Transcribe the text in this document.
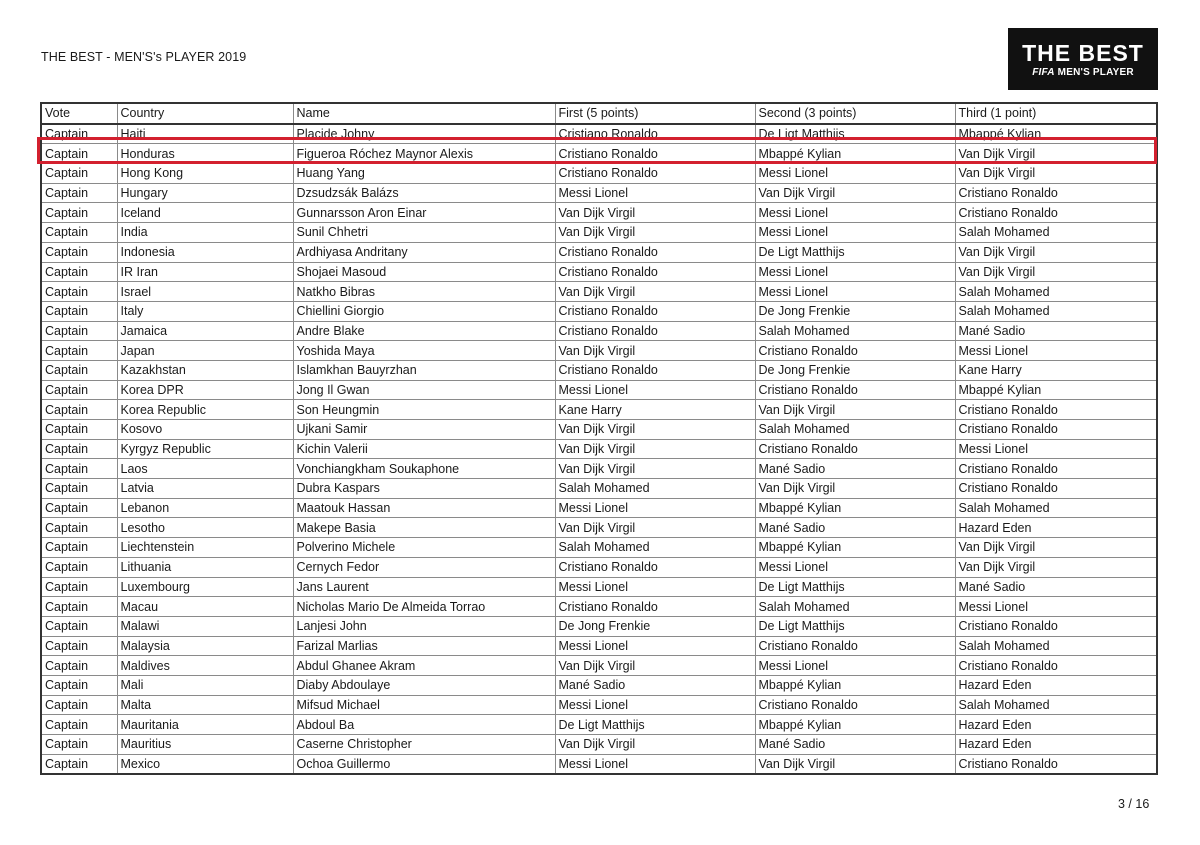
THE BEST - MEN'S's PLAYER 2019	THE BEST
FIFA MEN'S PLAYER
Vote	Country	Name	First (5 points)	Second (3 points)	Third (1 point)
Captain	Haiti	Placide Johny	Cristiano Ronaldo	De Ligt Matthijs	Mbappé Kylian
Captain	Honduras	Figueroa Róchez Maynor Alexis	Cristiano Ronaldo	Mbappé Kylian	Van Dijk Virgil
Captain	Hong Kong	Huang Yang	Cristiano Ronaldo	Messi Lionel	Van Dijk Virgil
Captain	Hungary	Dzsudzsák Balázs	Messi Lionel	Van Dijk Virgil	Cristiano Ronaldo
Captain	Iceland	Gunnarsson Aron Einar	Van Dijk Virgil	Messi Lionel	Cristiano Ronaldo
Captain	India	Sunil Chhetri	Van Dijk Virgil	Messi Lionel	Salah Mohamed
Captain	Indonesia	Ardhiyasa Andritany	Cristiano Ronaldo	De Ligt Matthijs	Van Dijk Virgil
Captain	IR Iran	Shojaei Masoud	Cristiano Ronaldo	Messi Lionel	Van Dijk Virgil
Captain	Israel	Natkho Bibras	Van Dijk Virgil	Messi Lionel	Salah Mohamed
Captain	Italy	Chiellini Giorgio	Cristiano Ronaldo	De Jong Frenkie	Salah Mohamed
Captain	Jamaica	Andre Blake	Cristiano Ronaldo	Salah Mohamed	Mané Sadio
Captain	Japan	Yoshida Maya	Van Dijk Virgil	Cristiano Ronaldo	Messi Lionel
Captain	Kazakhstan	Islamkhan Bauyrzhan	Cristiano Ronaldo	De Jong Frenkie	Kane Harry
Captain	Korea DPR	Jong Il Gwan	Messi Lionel	Cristiano Ronaldo	Mbappé Kylian
Captain	Korea Republic	Son Heungmin	Kane Harry	Van Dijk Virgil	Cristiano Ronaldo
Captain	Kosovo	Ujkani Samir	Van Dijk Virgil	Salah Mohamed	Cristiano Ronaldo
Captain	Kyrgyz Republic	Kichin Valerii	Van Dijk Virgil	Cristiano Ronaldo	Messi Lionel
Captain	Laos	Vonchiangkham Soukaphone	Van Dijk Virgil	Mané Sadio	Cristiano Ronaldo
Captain	Latvia	Dubra Kaspars	Salah Mohamed	Van Dijk Virgil	Cristiano Ronaldo
Captain	Lebanon	Maatouk Hassan	Messi Lionel	Mbappé Kylian	Salah Mohamed
Captain	Lesotho	Makepe Basia	Van Dijk Virgil	Mané Sadio	Hazard Eden
Captain	Liechtenstein	Polverino Michele	Salah Mohamed	Mbappé Kylian	Van Dijk Virgil
Captain	Lithuania	Cernych Fedor	Cristiano Ronaldo	Messi Lionel	Van Dijk Virgil
Captain	Luxembourg	Jans Laurent	Messi Lionel	De Ligt Matthijs	Mané Sadio
Captain	Macau	Nicholas Mario De Almeida Torrao	Cristiano Ronaldo	Salah Mohamed	Messi Lionel
Captain	Malawi	Lanjesi John	De Jong Frenkie	De Ligt Matthijs	Cristiano Ronaldo
Captain	Malaysia	Farizal Marlias	Messi Lionel	Cristiano Ronaldo	Salah Mohamed
Captain	Maldives	Abdul Ghanee Akram	Van Dijk Virgil	Messi Lionel	Cristiano Ronaldo
Captain	Mali	Diaby Abdoulaye	Mané Sadio	Mbappé Kylian	Hazard Eden
Captain	Malta	Mifsud Michael	Messi Lionel	Cristiano Ronaldo	Salah Mohamed
Captain	Mauritania	Abdoul Ba	De Ligt Matthijs	Mbappé Kylian	Hazard Eden
Captain	Mauritius	Caserne Christopher	Van Dijk Virgil	Mané Sadio	Hazard Eden
Captain	Mexico	Ochoa Guillermo	Messi Lionel	Van Dijk Virgil	Cristiano Ronaldo
3 / 16
